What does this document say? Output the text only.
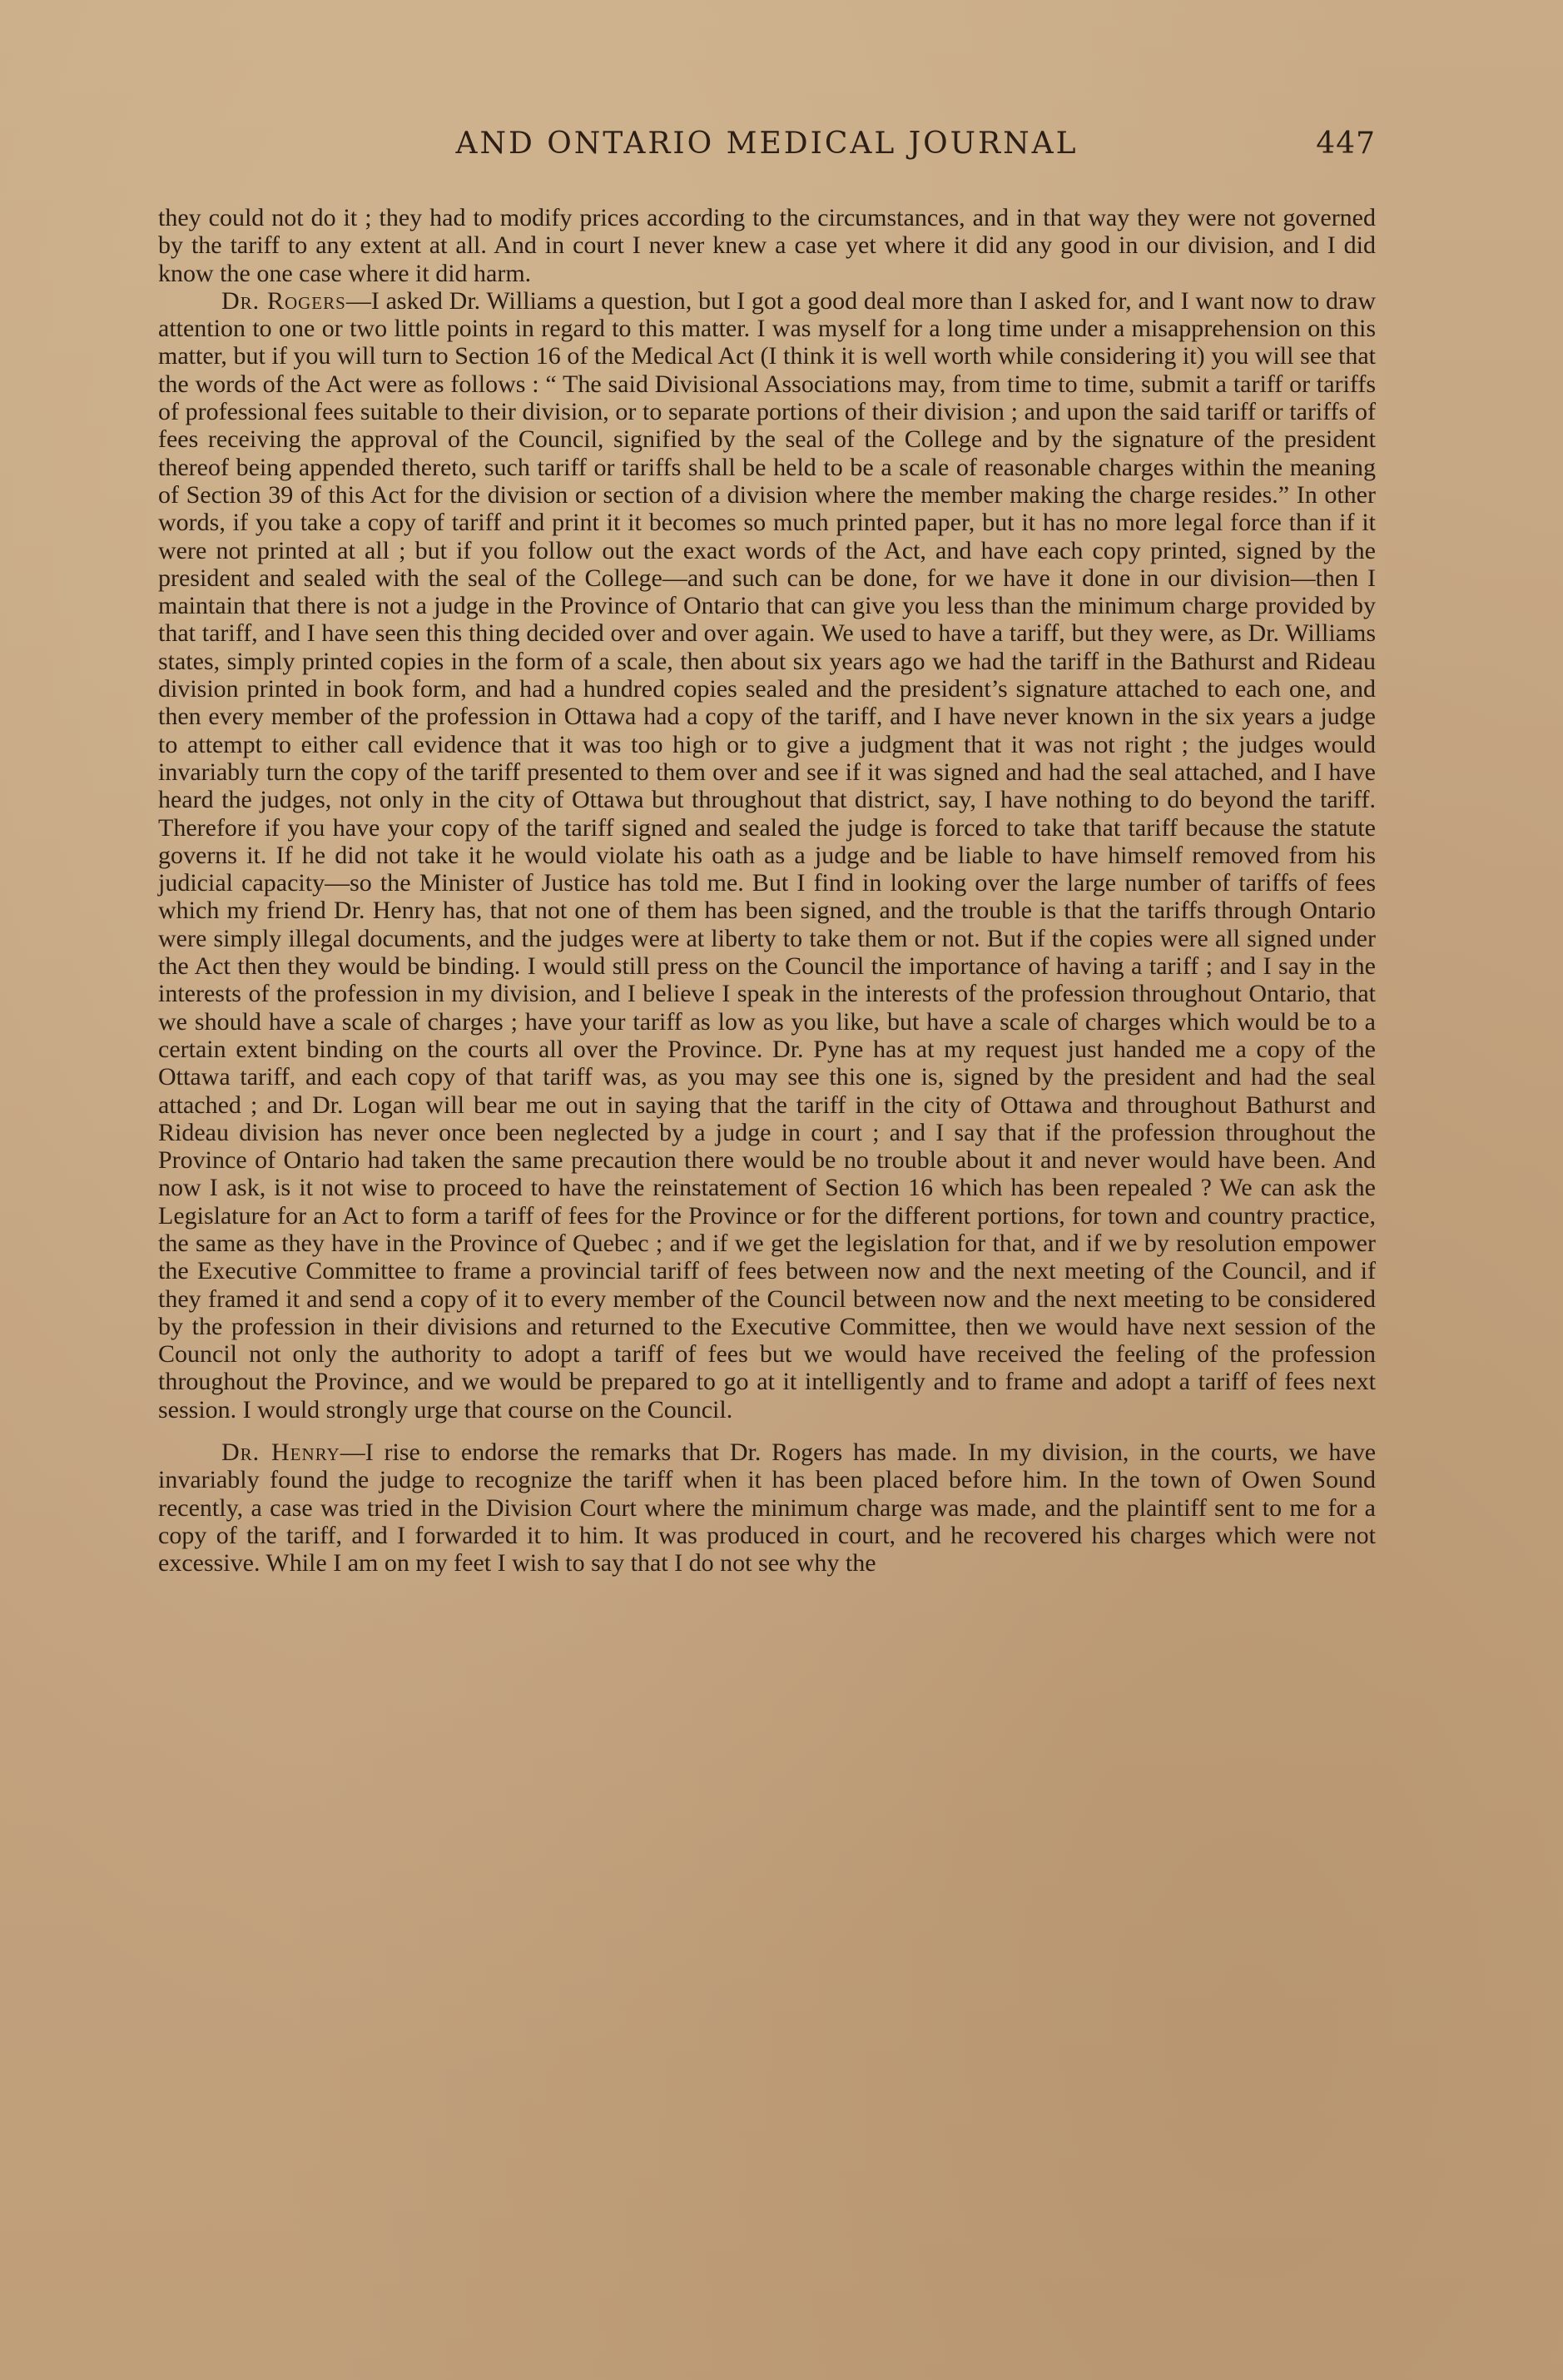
AND ONTARIO MEDICAL JOURNAL	447

they could not do it ; they had to modify prices according to the circumstances, and in that way they were not governed by the tariff to any extent at all. And in court I never knew a case yet where it did any good in our division, and I did know the one case where it did harm.

Dr. Rogers—I asked Dr. Williams a question, but I got a good deal more than I asked for, and I want now to draw attention to one or two little points in regard to this matter. I was myself for a long time under a misapprehension on this matter, but if you will turn to Section 16 of the Medical Act (I think it is well worth while considering it) you will see that the words of the Act were as follows : “ The said Divisional Associations may, from time to time, submit a tariff or tariffs of professional fees suitable to their division, or to separate portions of their division ; and upon the said tariff or tariffs of fees receiving the approval of the Council, signified by the seal of the College and by the signature of the president thereof being appended thereto, such tariff or tariffs shall be held to be a scale of reasonable charges within the meaning of Section 39 of this Act for the division or section of a division where the member making the charge resides.” In other words, if you take a copy of tariff and print it it becomes so much printed paper, but it has no more legal force than if it were not printed at all ; but if you follow out the exact words of the Act, and have each copy printed, signed by the president and sealed with the seal of the College—and such can be done, for we have it done in our division—then I maintain that there is not a judge in the Province of Ontario that can give you less than the minimum charge provided by that tariff, and I have seen this thing decided over and over again. We used to have a tariff, but they were, as Dr. Williams states, simply printed copies in the form of a scale, then about six years ago we had the tariff in the Bathurst and Rideau division printed in book form, and had a hundred copies sealed and the president’s signature attached to each one, and then every member of the profession in Ottawa had a copy of the tariff, and I have never known in the six years a judge to attempt to either call evidence that it was too high or to give a judgment that it was not right ; the judges would invariably turn the copy of the tariff presented to them over and see if it was signed and had the seal attached, and I have heard the judges, not only in the city of Ottawa but throughout that district, say, I have nothing to do beyond the tariff. Therefore if you have your copy of the tariff signed and sealed the judge is forced to take that tariff because the statute governs it. If he did not take it he would violate his oath as a judge and be liable to have himself removed from his judicial capacity—so the Minister of Justice has told me. But I find in looking over the large number of tariffs of fees which my friend Dr. Henry has, that not one of them has been signed, and the trouble is that the tariffs through Ontario were simply illegal documents, and the judges were at liberty to take them or not. But if the copies were all signed under the Act then they would be binding. I would still press on the Council the importance of having a tariff ; and I say in the interests of the profession in my division, and I believe I speak in the interests of the profession throughout Ontario, that we should have a scale of charges ; have your tariff as low as you like, but have a scale of charges which would be to a certain extent binding on the courts all over the Province. Dr. Pyne has at my request just handed me a copy of the Ottawa tariff, and each copy of that tariff was, as you may see this one is, signed by the president and had the seal attached ; and Dr. Logan will bear me out in saying that the tariff in the city of Ottawa and throughout Bathurst and Rideau division has never once been neglected by a judge in court ; and I say that if the profession throughout the Province of Ontario had taken the same precaution there would be no trouble about it and never would have been. And now I ask, is it not wise to proceed to have the reinstatement of Section 16 which has been repealed ? We can ask the Legislature for an Act to form a tariff of fees for the Province or for the different portions, for town and country practice, the same as they have in the Province of Quebec ; and if we get the legislation for that, and if we by resolution empower the Executive Committee to frame a provincial tariff of fees between now and the next meeting of the Council, and if they framed it and send a copy of it to every member of the Council between now and the next meeting to be considered by the profession in their divisions and returned to the Executive Committee, then we would have next session of the Council not only the authority to adopt a tariff of fees but we would have received the feeling of the profession throughout the Province, and we would be prepared to go at it intelligently and to frame and adopt a tariff of fees next session. I would strongly urge that course on the Council.

Dr. Henry—I rise to endorse the remarks that Dr. Rogers has made. In my division, in the courts, we have invariably found the judge to recognize the tariff when it has been placed before him. In the town of Owen Sound recently, a case was tried in the Division Court where the minimum charge was made, and the plaintiff sent to me for a copy of the tariff, and I forwarded it to him. It was produced in court, and he recovered his charges which were not excessive. While I am on my feet I wish to say that I do not see why the
